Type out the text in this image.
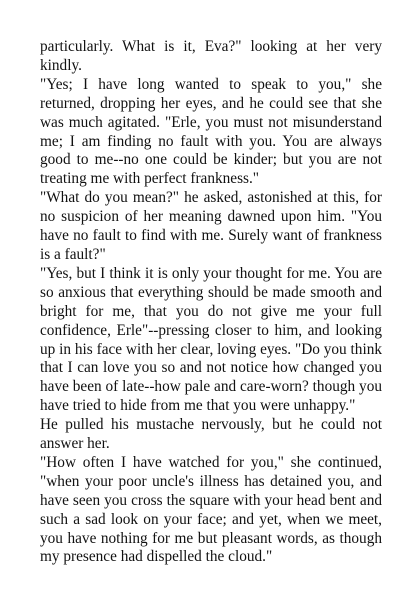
particularly. What is it, Eva?" looking at her very kindly.

"Yes; I have long wanted to speak to you," she returned, dropping her eyes, and he could see that she was much agitated. "Erle, you must not misunderstand me; I am finding no fault with you. You are always good to me--no one could be kinder; but you are not treating me with perfect frankness."

"What do you mean?" he asked, astonished at this, for no suspicion of her meaning dawned upon him. "You have no fault to find with me. Surely want of frankness is a fault?"

"Yes, but I think it is only your thought for me. You are so anxious that everything should be made smooth and bright for me, that you do not give me your full confidence, Erle"--pressing closer to him, and looking up in his face with her clear, loving eyes. "Do you think that I can love you so and not notice how changed you have been of late--how pale and care-worn? though you have tried to hide from me that you were unhappy."

He pulled his mustache nervously, but he could not answer her.

"How often I have watched for you," she continued, "when your poor uncle's illness has detained you, and have seen you cross the square with your head bent and such a sad look on your face; and yet, when we meet, you have nothing for me but pleasant words, as though my presence had dispelled the cloud."
